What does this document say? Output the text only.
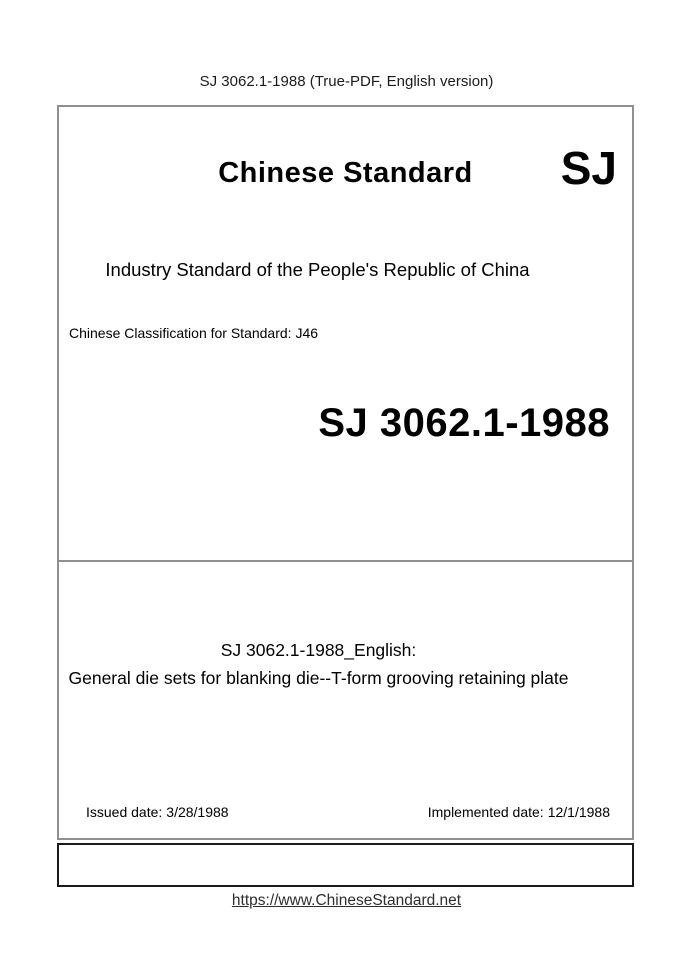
SJ 3062.1-1988 (True-PDF, English version)
Chinese Standard	SJ
Industry Standard of the People's Republic of China
Chinese Classification for Standard: J46
SJ 3062.1-1988
SJ 3062.1-1988_English:
General die sets for blanking die--T-form grooving retaining plate
Issued date: 3/28/1988	Implemented date: 12/1/1988
https://www.ChineseStandard.net
